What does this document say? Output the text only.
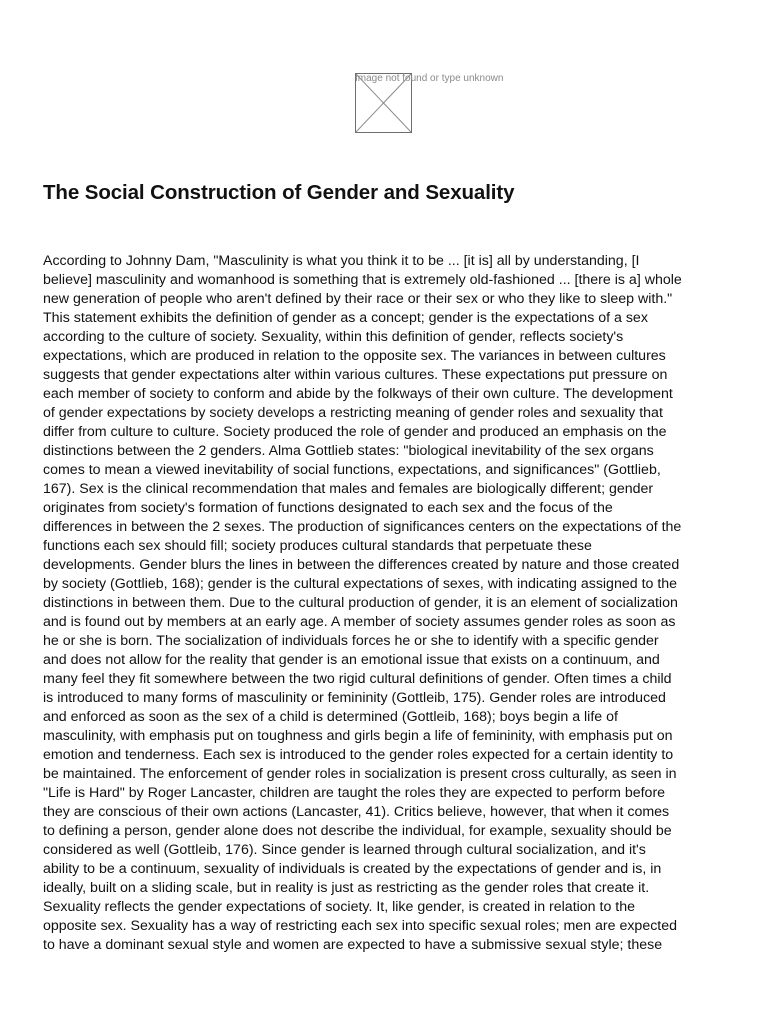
Image not found or type unknown
The Social Construction of Gender and Sexuality
According to Johnny Dam, "Masculinity is what you think it to be ... [it is] all by understanding, [I
believe] masculinity and womanhood is something that is extremely old-fashioned ... [there is a] whole
new generation of people who aren't defined by their race or their sex or who they like to sleep with."
This statement exhibits the definition of gender as a concept; gender is the expectations of a sex
according to the culture of society. Sexuality, within this definition of gender, reflects society's
expectations, which are produced in relation to the opposite sex. The variances in between cultures
suggests that gender expectations alter within various cultures. These expectations put pressure on
each member of society to conform and abide by the folkways of their own culture. The development
of gender expectations by society develops a restricting meaning of gender roles and sexuality that
differ from culture to culture. Society produced the role of gender and produced an emphasis on the
distinctions between the 2 genders. Alma Gottlieb states: "biological inevitability of the sex organs
comes to mean a viewed inevitability of social functions, expectations, and significances" (Gottlieb,
167). Sex is the clinical recommendation that males and females are biologically different; gender
originates from society's formation of functions designated to each sex and the focus of the
differences in between the 2 sexes. The production of significances centers on the expectations of the
functions each sex should fill; society produces cultural standards that perpetuate these
developments. Gender blurs the lines in between the differences created by nature and those created
by society (Gottlieb, 168); gender is the cultural expectations of sexes, with indicating assigned to the
distinctions in between them. Due to the cultural production of gender, it is an element of socialization
and is found out by members at an early age. A member of society assumes gender roles as soon as
he or she is born. The socialization of individuals forces he or she to identify with a specific gender
and does not allow for the reality that gender is an emotional issue that exists on a continuum, and
many feel they fit somewhere between the two rigid cultural definitions of gender. Often times a child
is introduced to many forms of masculinity or femininity (Gottleib, 175). Gender roles are introduced
and enforced as soon as the sex of a child is determined (Gottleib, 168); boys begin a life of
masculinity, with emphasis put on toughness and girls begin a life of femininity, with emphasis put on
emotion and tenderness. Each sex is introduced to the gender roles expected for a certain identity to
be maintained. The enforcement of gender roles in socialization is present cross culturally, as seen in
"Life is Hard" by Roger Lancaster, children are taught the roles they are expected to perform before
they are conscious of their own actions (Lancaster, 41). Critics believe, however, that when it comes
to defining a person, gender alone does not describe the individual, for example, sexuality should be
considered as well (Gottleib, 176). Since gender is learned through cultural socialization, and it's
ability to be a continuum, sexuality of individuals is created by the expectations of gender and is, in
ideally, built on a sliding scale, but in reality is just as restricting as the gender roles that create it.
Sexuality reflects the gender expectations of society. It, like gender, is created in relation to the
opposite sex. Sexuality has a way of restricting each sex into specific sexual roles; men are expected
to have a dominant sexual style and women are expected to have a submissive sexual style; these
